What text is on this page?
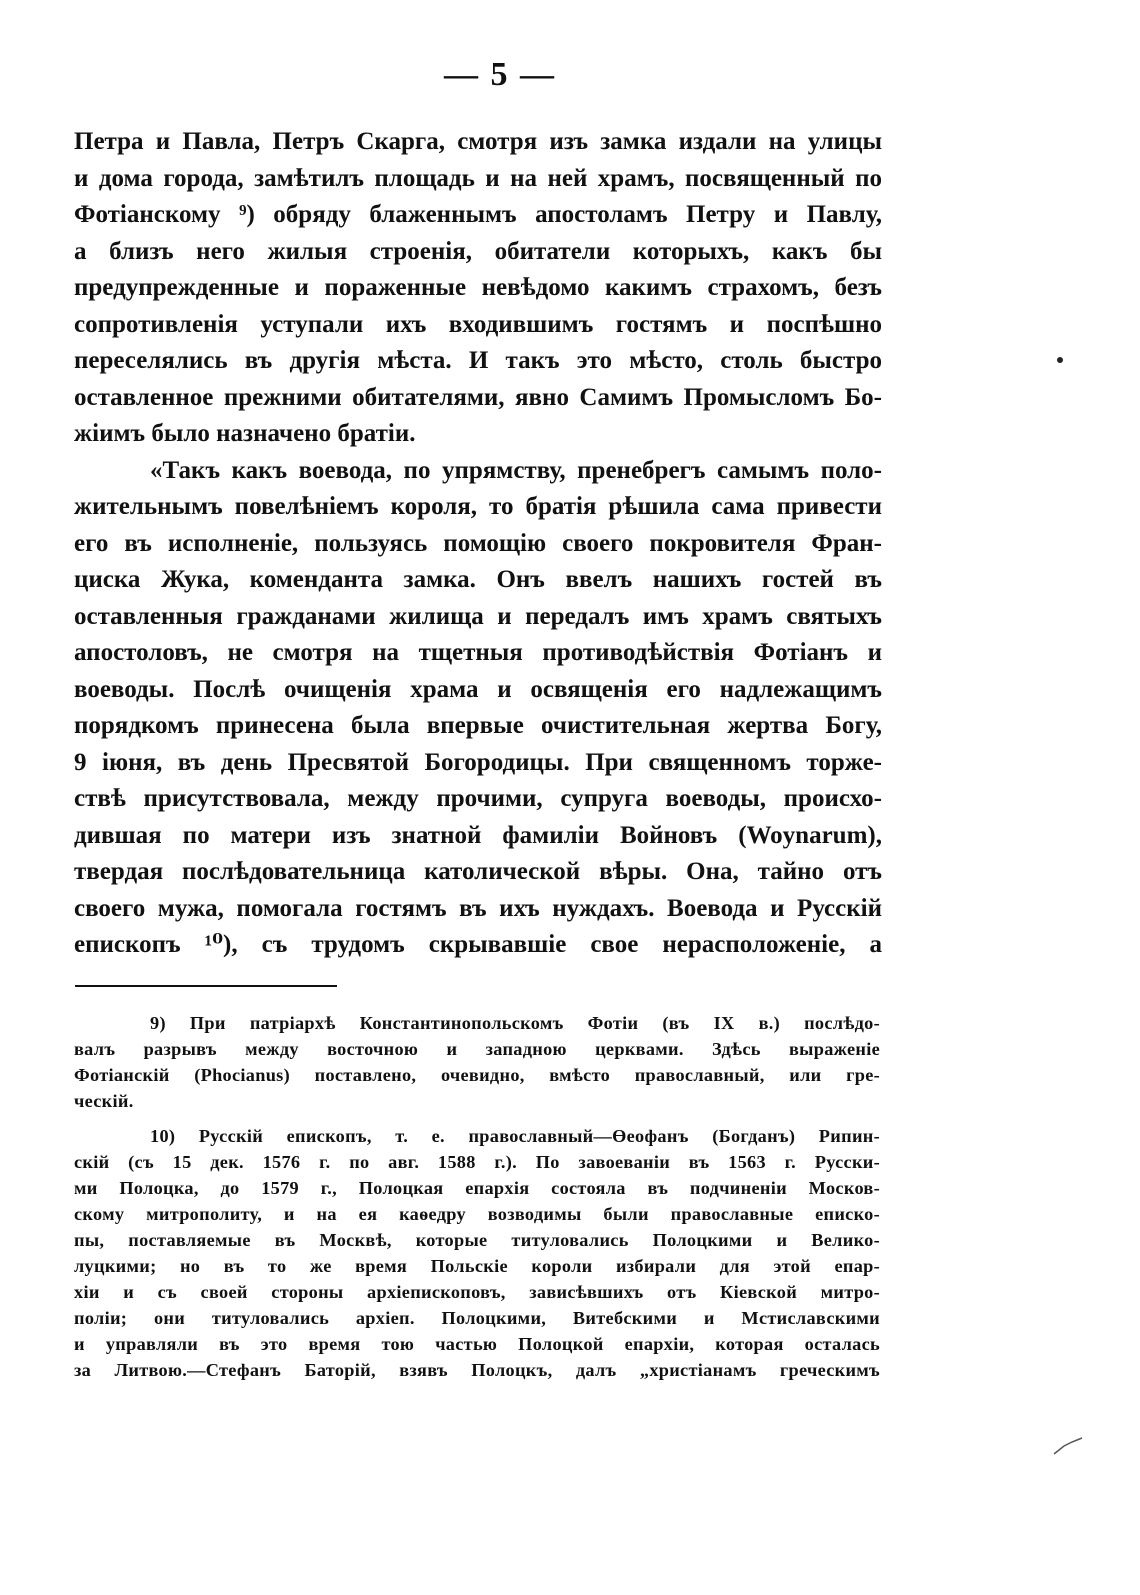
— 5 —
Петра и Павла, Петръ Скарга, смотря изъ замка издали на улицы
и дома города, замѣтилъ площадь и на ней храмъ, посвященный по
Фотіанскому ⁹) обряду блаженнымъ апостоламъ Петру и Павлу,
а близъ него жилыя строенія, обитатели которыхъ, какъ бы
предупрежденные и пораженные невѣдомо какимъ страхомъ, безъ
сопротивленія уступали ихъ входившимъ гостямъ и поспѣшно
переселялись въ другія мѣста. И такъ это мѣсто, столь быстро
оставленное прежними обитателями, явно Самимъ Промысломъ Бо-
жіимъ было назначено братіи.
«Такъ какъ воевода, по упрямству, пренебрегъ самымъ поло-
жительнымъ повелѣніемъ короля, то братія рѣшила сама привести
его въ исполненіе, пользуясь помощію своего покровителя Фран-
циска Жука, коменданта замка. Онъ ввелъ нашихъ гостей въ
оставленныя гражданами жилища и передалъ имъ храмъ святыхъ
апостоловъ, не смотря на тщетныя противодѣйствія Фотіанъ и
воеводы. Послѣ очищенія храма и освященія его надлежащимъ
порядкомъ принесена была впервые очистительная жертва Богу,
9 іюня, въ день Пресвятой Богородицы. При священномъ торже-
ствѣ присутствовала, между прочими, супруга воеводы, происхо-
дившая по матери изъ знатной фамиліи Войновъ (Woynarum),
твердая послѣдовательница католической вѣры. Она, тайно отъ
своего мужа, помогала гостямъ въ ихъ нуждахъ. Воевода и Русскій
епископъ ¹⁰), съ трудомъ скрывавшіе свое нерасположеніе, а
9) При патріархѣ Константинопольскомъ Фотіи (въ IX в.) послѣдо-
валъ разрывъ между восточною и западною церквами. Здѣсь выраженіе
Фотіанскій (Phocianus) поставлено, очевидно, вмѣсто православный, или гре-
ческій.
10) Русскій епископъ, т. е. православный—Өеофанъ (Богданъ) Рипин-
скій (съ 15 дек. 1576 г. по авг. 1588 г.). По завоеваніи въ 1563 г. Русски-
ми Полоцка, до 1579 г., Полоцкая епархія состояла въ подчиненіи Москов-
скому митрополиту, и на ея каѳедру возводимы были православные еписко-
пы, поставляемые въ Москвѣ, которые титуловались Полоцкими и Велико-
луцкими; но въ то же время Польскіе короли избирали для этой епар-
хіи и съ своей стороны архіепископовъ, зависѣвшихъ отъ Кіевской митро-
поліи; они титуловались архіеп. Полоцкими, Витебскими и Мстиславскими
и управляли въ это время тою частью Полоцкой епархіи, которая осталась
за Литвою.—Стефанъ Баторій, взявъ Полоцкъ, далъ „христіанамъ греческимъ
